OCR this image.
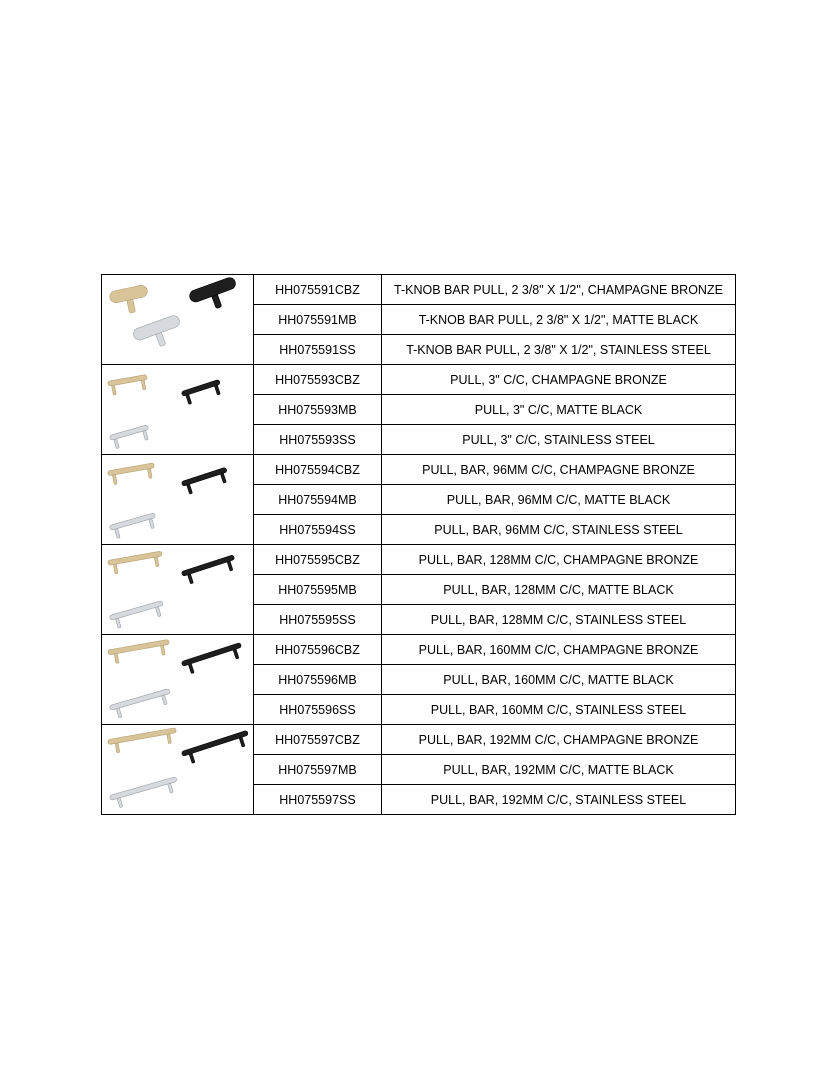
	HH075591CBZ	T-KNOB BAR PULL, 2 3/8" X 1/2", CHAMPAGNE BRONZE
	HH075591MB	T-KNOB BAR PULL, 2 3/8" X 1/2", MATTE BLACK
	HH075591SS	T-KNOB BAR PULL, 2 3/8" X 1/2", STAINLESS STEEL

	HH075593CBZ	PULL, 3" C/C, CHAMPAGNE BRONZE
	HH075593MB	PULL, 3" C/C, MATTE BLACK
	HH075593SS	PULL, 3" C/C, STAINLESS STEEL

	HH075594CBZ	PULL, BAR, 96MM C/C, CHAMPAGNE BRONZE
	HH075594MB	PULL, BAR, 96MM C/C, MATTE BLACK
	HH075594SS	PULL, BAR, 96MM C/C, STAINLESS STEEL

	HH075595CBZ	PULL, BAR, 128MM C/C, CHAMPAGNE BRONZE
	HH075595MB	PULL, BAR, 128MM C/C, MATTE BLACK
	HH075595SS	PULL, BAR, 128MM C/C, STAINLESS STEEL

	HH075596CBZ	PULL, BAR, 160MM C/C, CHAMPAGNE BRONZE
	HH075596MB	PULL, BAR, 160MM C/C, MATTE BLACK
	HH075596SS	PULL, BAR, 160MM C/C, STAINLESS STEEL

	HH075597CBZ	PULL, BAR, 192MM C/C, CHAMPAGNE BRONZE
	HH075597MB	PULL, BAR, 192MM C/C, MATTE BLACK
	HH075597SS	PULL, BAR, 192MM C/C, STAINLESS STEEL
